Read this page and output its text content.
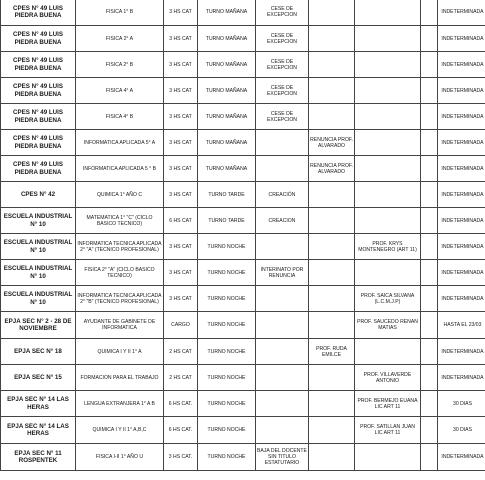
CPES N° 49 LUIS PIEDRA BUENA	FISICA 1° B	3 HS CAT	TURNO MAÑANA	CESE DE EXCEPCION				INDETERMINADA	
CPES N° 49 LUIS PIEDRA BUENA	FISICA 2° A	3 HS CAT	TURNO MAÑANA	CESE DE EXCEPCION				INDETERMINADA	
CPES N° 49 LUIS PIEDRA BUENA	FISICA 2° B	3 HS CAT	TURNO MAÑANA	CESE DE EXCEPCION				INDETERMINADA	
CPES N° 49 LUIS PIEDRA BUENA	FISICA 4° A	3 HS CAT	TURNO MAÑANA	CESE DE EXCEPCION				INDETERMINADA	
CPES N° 49 LUIS PIEDRA BUENA	FISICA 4° B	3 HS CAT	TURNO MAÑANA	CESE DE EXCEPCION				INDETERMINADA	
CPES N° 49 LUIS PIEDRA BUENA	INFORMATICA APLICADA 5° A	3 HS CAT	TURNO MAÑANA		RENUNCIA PROF. ALVARADO			INDETERMINADA	
CPES N° 49 LUIS PIEDRA BUENA	INFORMATICA APLICADA 5 ° B	3 HS CAT	TURNO MAÑANA		RENUNCIA PROF. ALVARADO			INDETERMINADA	
CPES N° 42	QUIMICA 1° AÑO C	3 HS CAT	TURNO TARDE	CREACIÓN				INDETERMINADA	
ESCUELA INDUSTRIAL N° 10	MATEMATICA 1° "C" (CICLO BASICO TECNICO)	6 HS CAT	TURNO TARDE	CREACION				INDETERMINADA	
ESCUELA INDUSTRIAL N° 10	INFORMATICA TECNICA APLICADA 2° "A" (TECNICO PROFESIONAL)	3 HS CAT	TURNO NOCHE			PROF. KRYS MONTENEGRO (ART 11)		INDETERMINADA	
ESCUELA INDUSTRIAL N° 10	FISICA 2° "A" (CICLO BASICO TECNICO)	3 HS CAT	TURNO NOCHE	INTERINATO POR RENUNCIA				INDETERMINADA	
ESCUELA INDUSTRIAL N° 10	INFORMATICA TECNICA APLICADA 2° "B" (TECNICO PROFESIONAL)	3 HS CAT	TURNO NOCHE			PROF. SAICA SILVANA (L.C.M.J.P)		INDETERMINADA	
EPJA SEC N° 2 - 28 DE NOVIEMBRE	AYUDANTE DE GABINETE DE INFORMATICA	CARGO	TURNO NOCHE			PROF. SAUCEDO RENAN MATIAS		HASTA EL 23/03	
EPJA SEC N° 18	QUIMICA I Y II 1° A	2 HS CAT	TURNO NOCHE		PROF. RUDA EMILCE			INDETERMINADA	
EPJA SEC N° 15	FORMACION PARA EL TRABAJO	2 HS CAT	TURNO NOCHE			PROF. VILLAVERDE ANTONIO		INDETERMINADA	
EPJA SEC N° 14 LAS HERAS	LENGUA EXTRANJERA 1° A B	6 HS CAT.	TURNO NOCHE			PROF. BERMEJO EUANA LIC ART 11		30 DIAS	
EPJA SEC N° 14 LAS HERAS	QUIMICA I Y II 1° A,B,C	6 HS CAT.	TURNO NOCHE			PROF. SATILLAN JUAN LIC ART 11		30 DIAS	
EPJA SEC N° 11 ROSPENTEK	FISICA I-II 1° AÑO U	3 HS CAT.	TURNO NOCHE	BAJA DEL DOCENTE SIN TITULO ESTATUTARIO				INDETERMINADA	
